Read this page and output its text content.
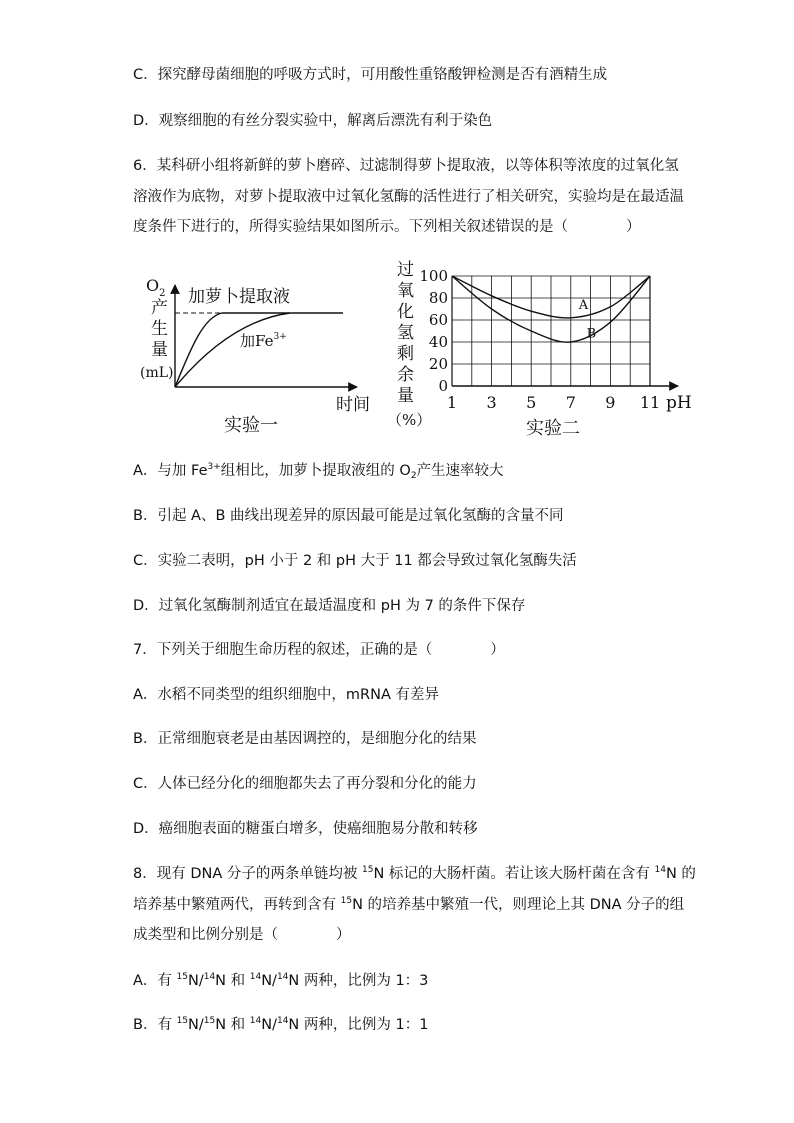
C．探究酵母菌细胞的呼吸方式时，可用酸性重铬酸钾检测是否有酒精生成
D．观察细胞的有丝分裂实验中，解离后漂洗有利于染色
6．某科研小组将新鲜的萝卜磨碎、过滤制得萝卜提取液，以等体积等浓度的过氧化氢
溶液作为底物，对萝卜提取液中过氧化氢酶的活性进行了相关研究，实验均是在最适温
度条件下进行的，所得实验结果如图所示。下列相关叙述错误的是（　　　　）
$O_2$
产
生
量
(mL)
加萝卜提取液
加$Fe^{3+}$
时间
实验一
A
B
0
20
40
60
80
100
1 3 5 7 9 11 pH
过
氧
化
氢
剩
余
量
（%）	实验二
A．与加 $Fe^{3+}$组相比，加萝卜提取液组的 $O_2$产生速率较大
B．引起 A、B 曲线出现差异的原因最可能是过氧化氢酶的含量不同
C．实验二表明，pH 小于 2 和 pH 大于 11 都会导致过氧化氢酶失活
D．过氧化氢酶制剂适宜在最适温度和 pH 为 7 的条件下保存
7．下列关于细胞生命历程的叙述，正确的是（　　　　）
A．水稻不同类型的组织细胞中，mRNA 有差异
B．正常细胞衰老是由基因调控的，是细胞分化的结果
C．人体已经分化的细胞都失去了再分裂和分化的能力
D．癌细胞表面的糖蛋白增多，使癌细胞易分散和转移
8．现有 DNA 分子的两条单链均被 $^{15}$N 标记的大肠杆菌。若让该大肠杆菌在含有 $^{14}$N 的
培养基中繁殖两代，再转到含有 $^{15}$N 的培养基中繁殖一代，则理论上其 DNA 分子的组
成类型和比例分别是（　　　　）
A．有 $^{15}$N/$^{14}$N 和 $^{14}$N/$^{14}$N 两种，比例为 1：3
B．有 $^{15}$N/$^{15}$N 和 $^{14}$N/$^{14}$N 两种，比例为 1：1
